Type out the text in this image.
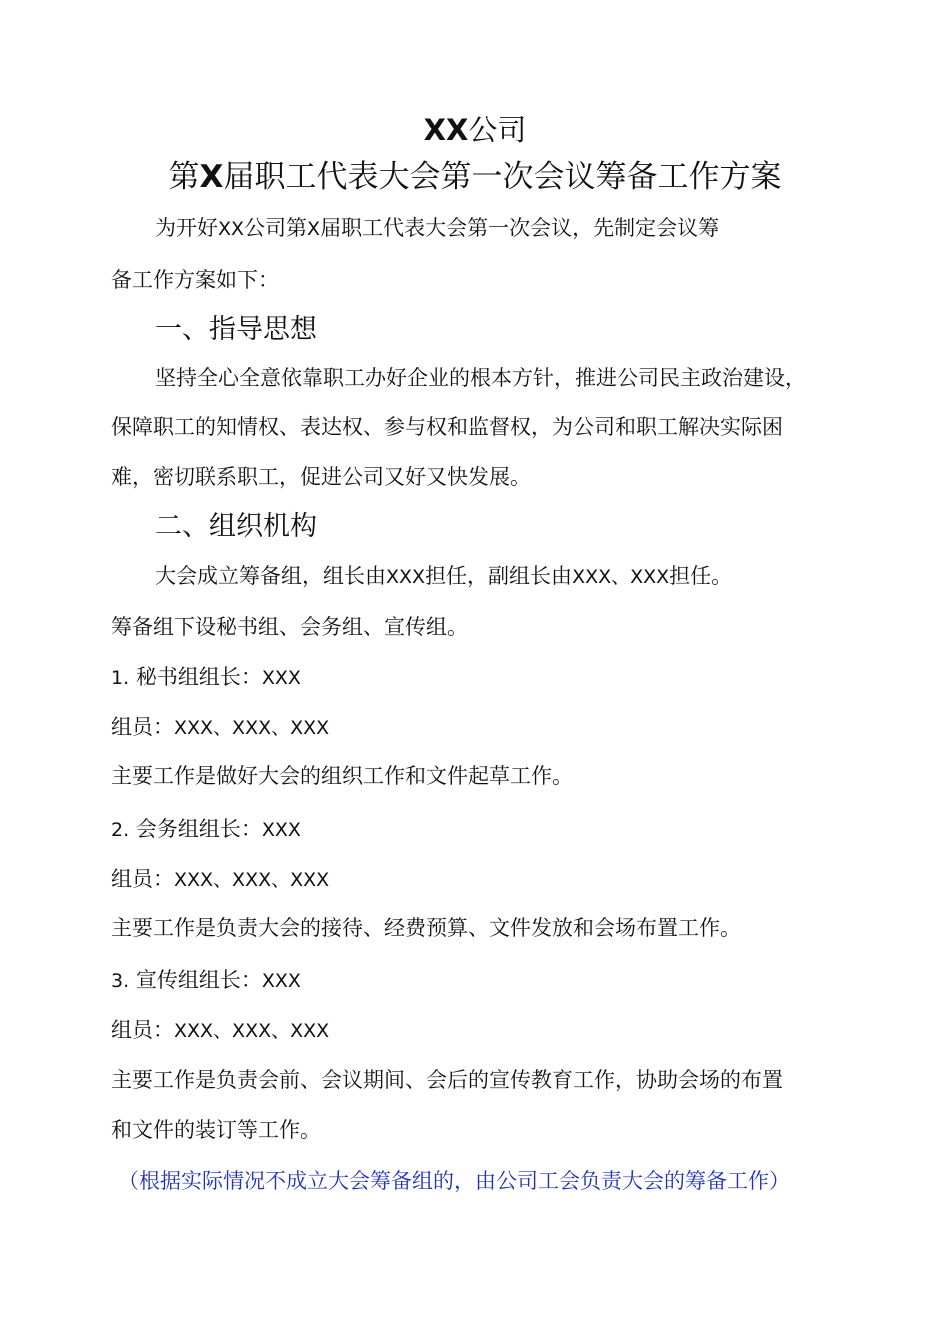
XX公司
第X届职工代表大会第一次会议筹备工作方案
为开好XX公司第X届职工代表大会第一次会议，先制定会议筹
备工作方案如下：
一、指导思想
坚持全心全意依靠职工办好企业的根本方针，推进公司民主政治建设，
保障职工的知情权、表达权、参与权和监督权，为公司和职工解决实际困
难，密切联系职工，促进公司又好又快发展。
二、组织机构
大会成立筹备组，组长由XXX担任，副组长由XXX、XXX担任。
筹备组下设秘书组、会务组、宣传组。
1. 秘书组组长：XXX
组员：XXX、XXX、XXX
主要工作是做好大会的组织工作和文件起草工作。
2. 会务组组长：XXX
组员：XXX、XXX、XXX
主要工作是负责大会的接待、经费预算、文件发放和会场布置工作。
3. 宣传组组长：XXX
组员：XXX、XXX、XXX
主要工作是负责会前、会议期间、会后的宣传教育工作，协助会场的布置
和文件的装订等工作。
（根据实际情况不成立大会筹备组的，由公司工会负责大会的筹备工作）
